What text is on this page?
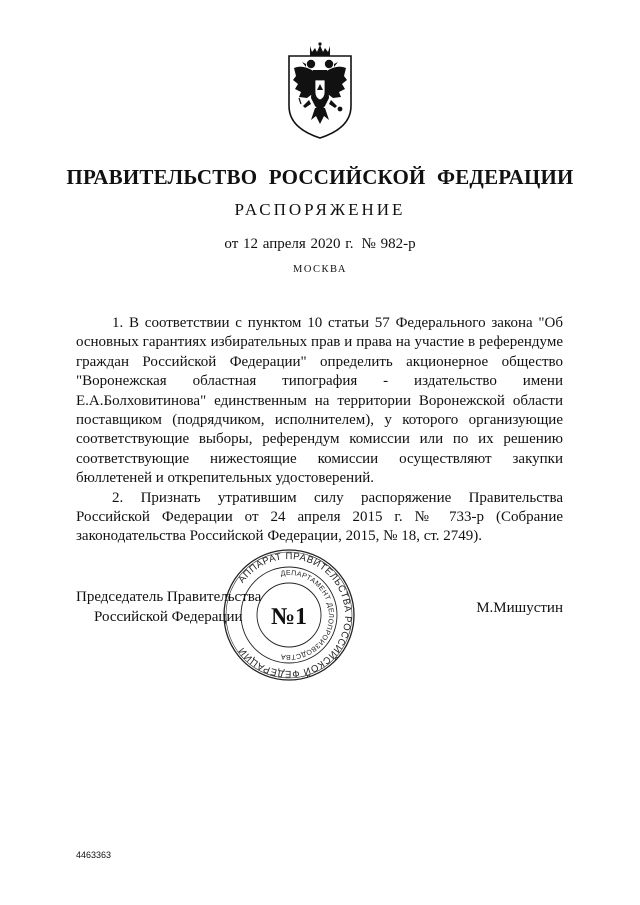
ПРАВИТЕЛЬСТВО РОССИЙСКОЙ ФЕДЕРАЦИИ
РАСПОРЯЖЕНИЕ
от 12 апреля 2020 г. № 982-р
МОСКВА

1. В соответствии с пунктом 10 статьи 57 Федерального закона "Об основных гарантиях избирательных прав и права на участие в референдуме граждан Российской Федерации" определить акционерное общество "Воронежская областная типография - издательство имени Е.А.Болховитинова" единственным на территории Воронежской области поставщиком (подрядчиком, исполнителем), у которого организующие соответствующие выборы, референдум комиссии или по их решению соответствующие нижестоящие комиссии осуществляют закупки бюллетеней и открепительных удостоверений.

2. Признать утратившим силу распоряжение Правительства Российской Федерации от 24 апреля 2015 г. № 733-р (Собрание законодательства Российской Федерации, 2015, № 18, ст. 2749).

Председатель Правительства
Российской Федерации
АППАРАТ ПРАВИТЕЛЬСТВА РОССИЙСКОЙ ФЕДЕРАЦИИ
ДЕПАРТАМЕНТ ДЕЛОПРОИЗВОДСТВА
№1	М.Мишустин
4463363
